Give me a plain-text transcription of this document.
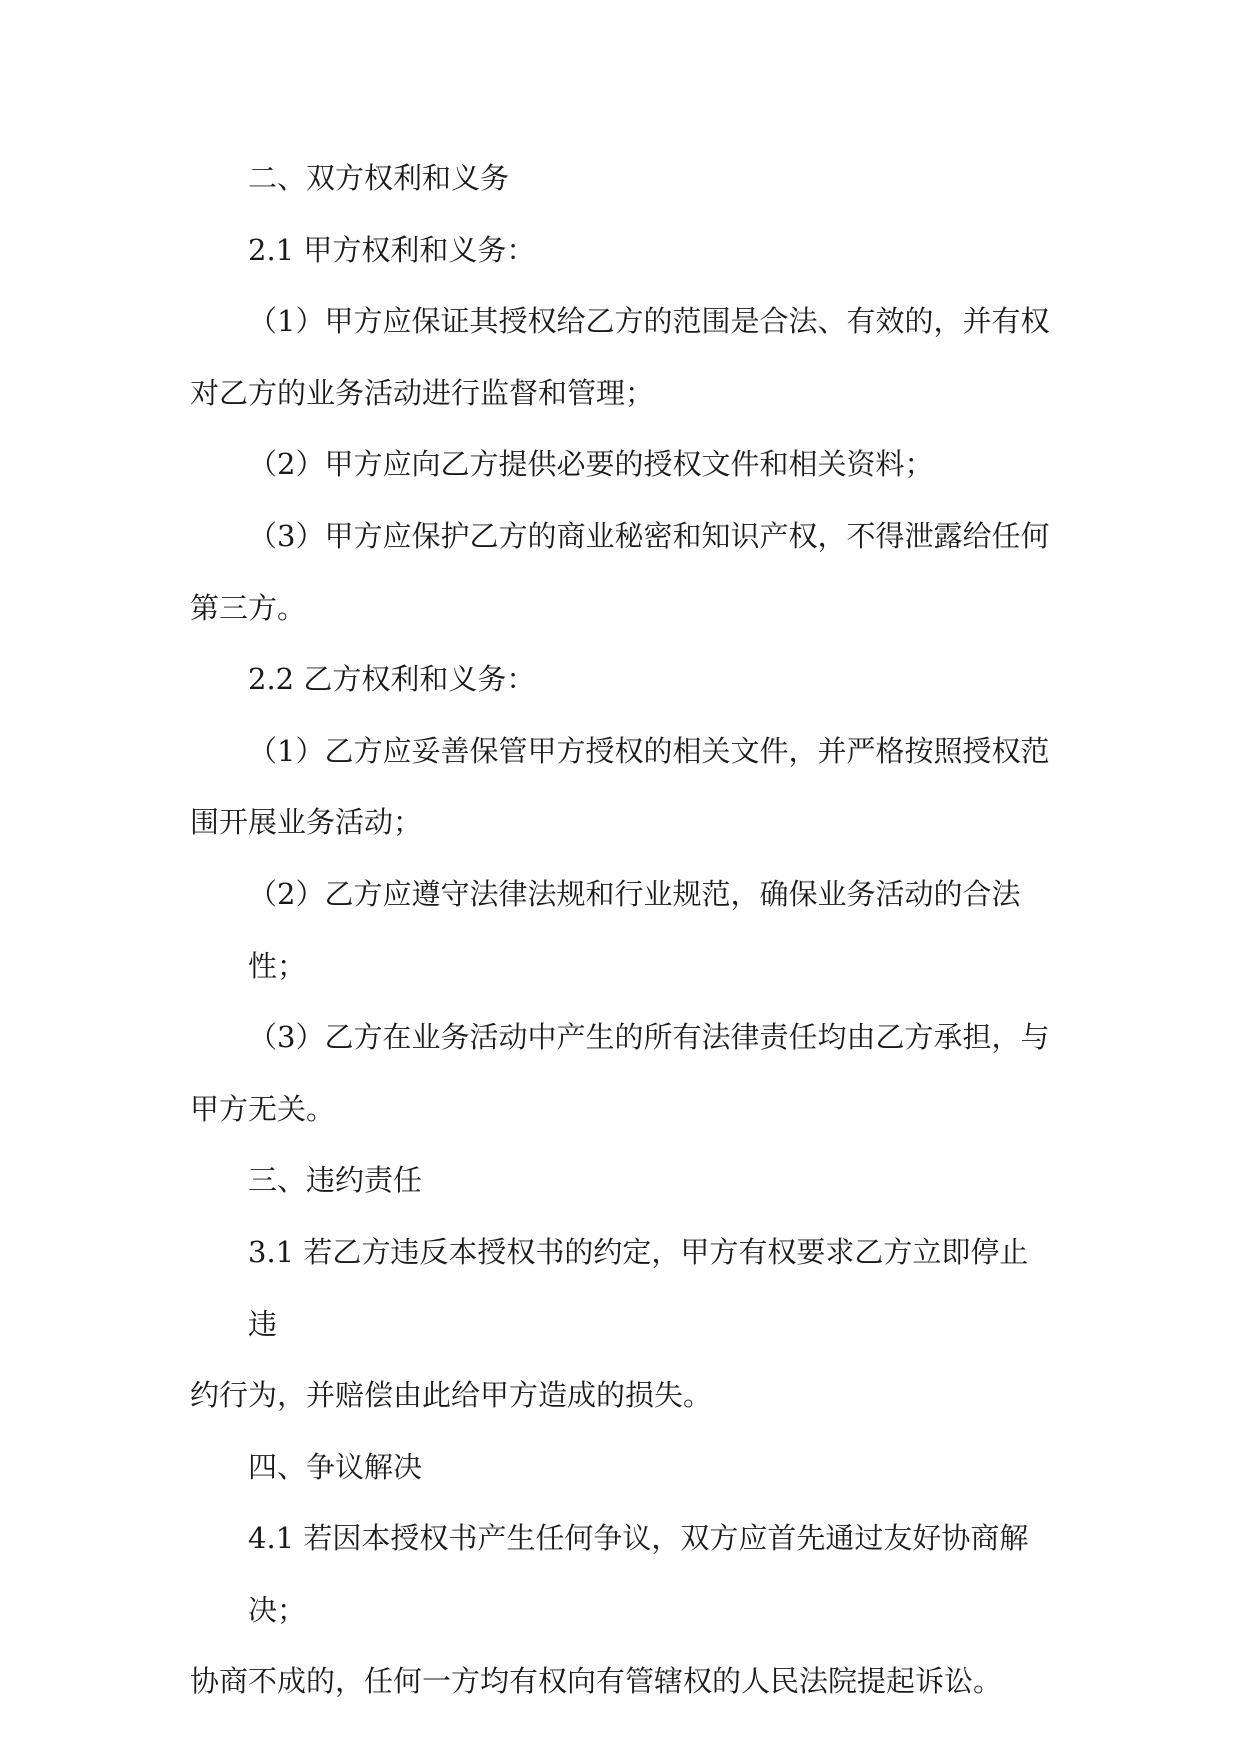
二、双方权利和义务
2.1 甲方权利和义务：
（1）甲方应保证其授权给乙方的范围是合法、有效的，并有权
对乙方的业务活动进行监督和管理；
（2）甲方应向乙方提供必要的授权文件和相关资料；
（3）甲方应保护乙方的商业秘密和知识产权，不得泄露给任何
第三方。
2.2 乙方权利和义务：
（1）乙方应妥善保管甲方授权的相关文件，并严格按照授权范
围开展业务活动；
（2）乙方应遵守法律法规和行业规范，确保业务活动的合法性；
（3）乙方在业务活动中产生的所有法律责任均由乙方承担，与
甲方无关。
三、违约责任
3.1 若乙方违反本授权书的约定，甲方有权要求乙方立即停止违
约行为，并赔偿由此给甲方造成的损失。
四、争议解决
4.1 若因本授权书产生任何争议，双方应首先通过友好协商解决；
协商不成的，任何一方均有权向有管辖权的人民法院提起诉讼。
